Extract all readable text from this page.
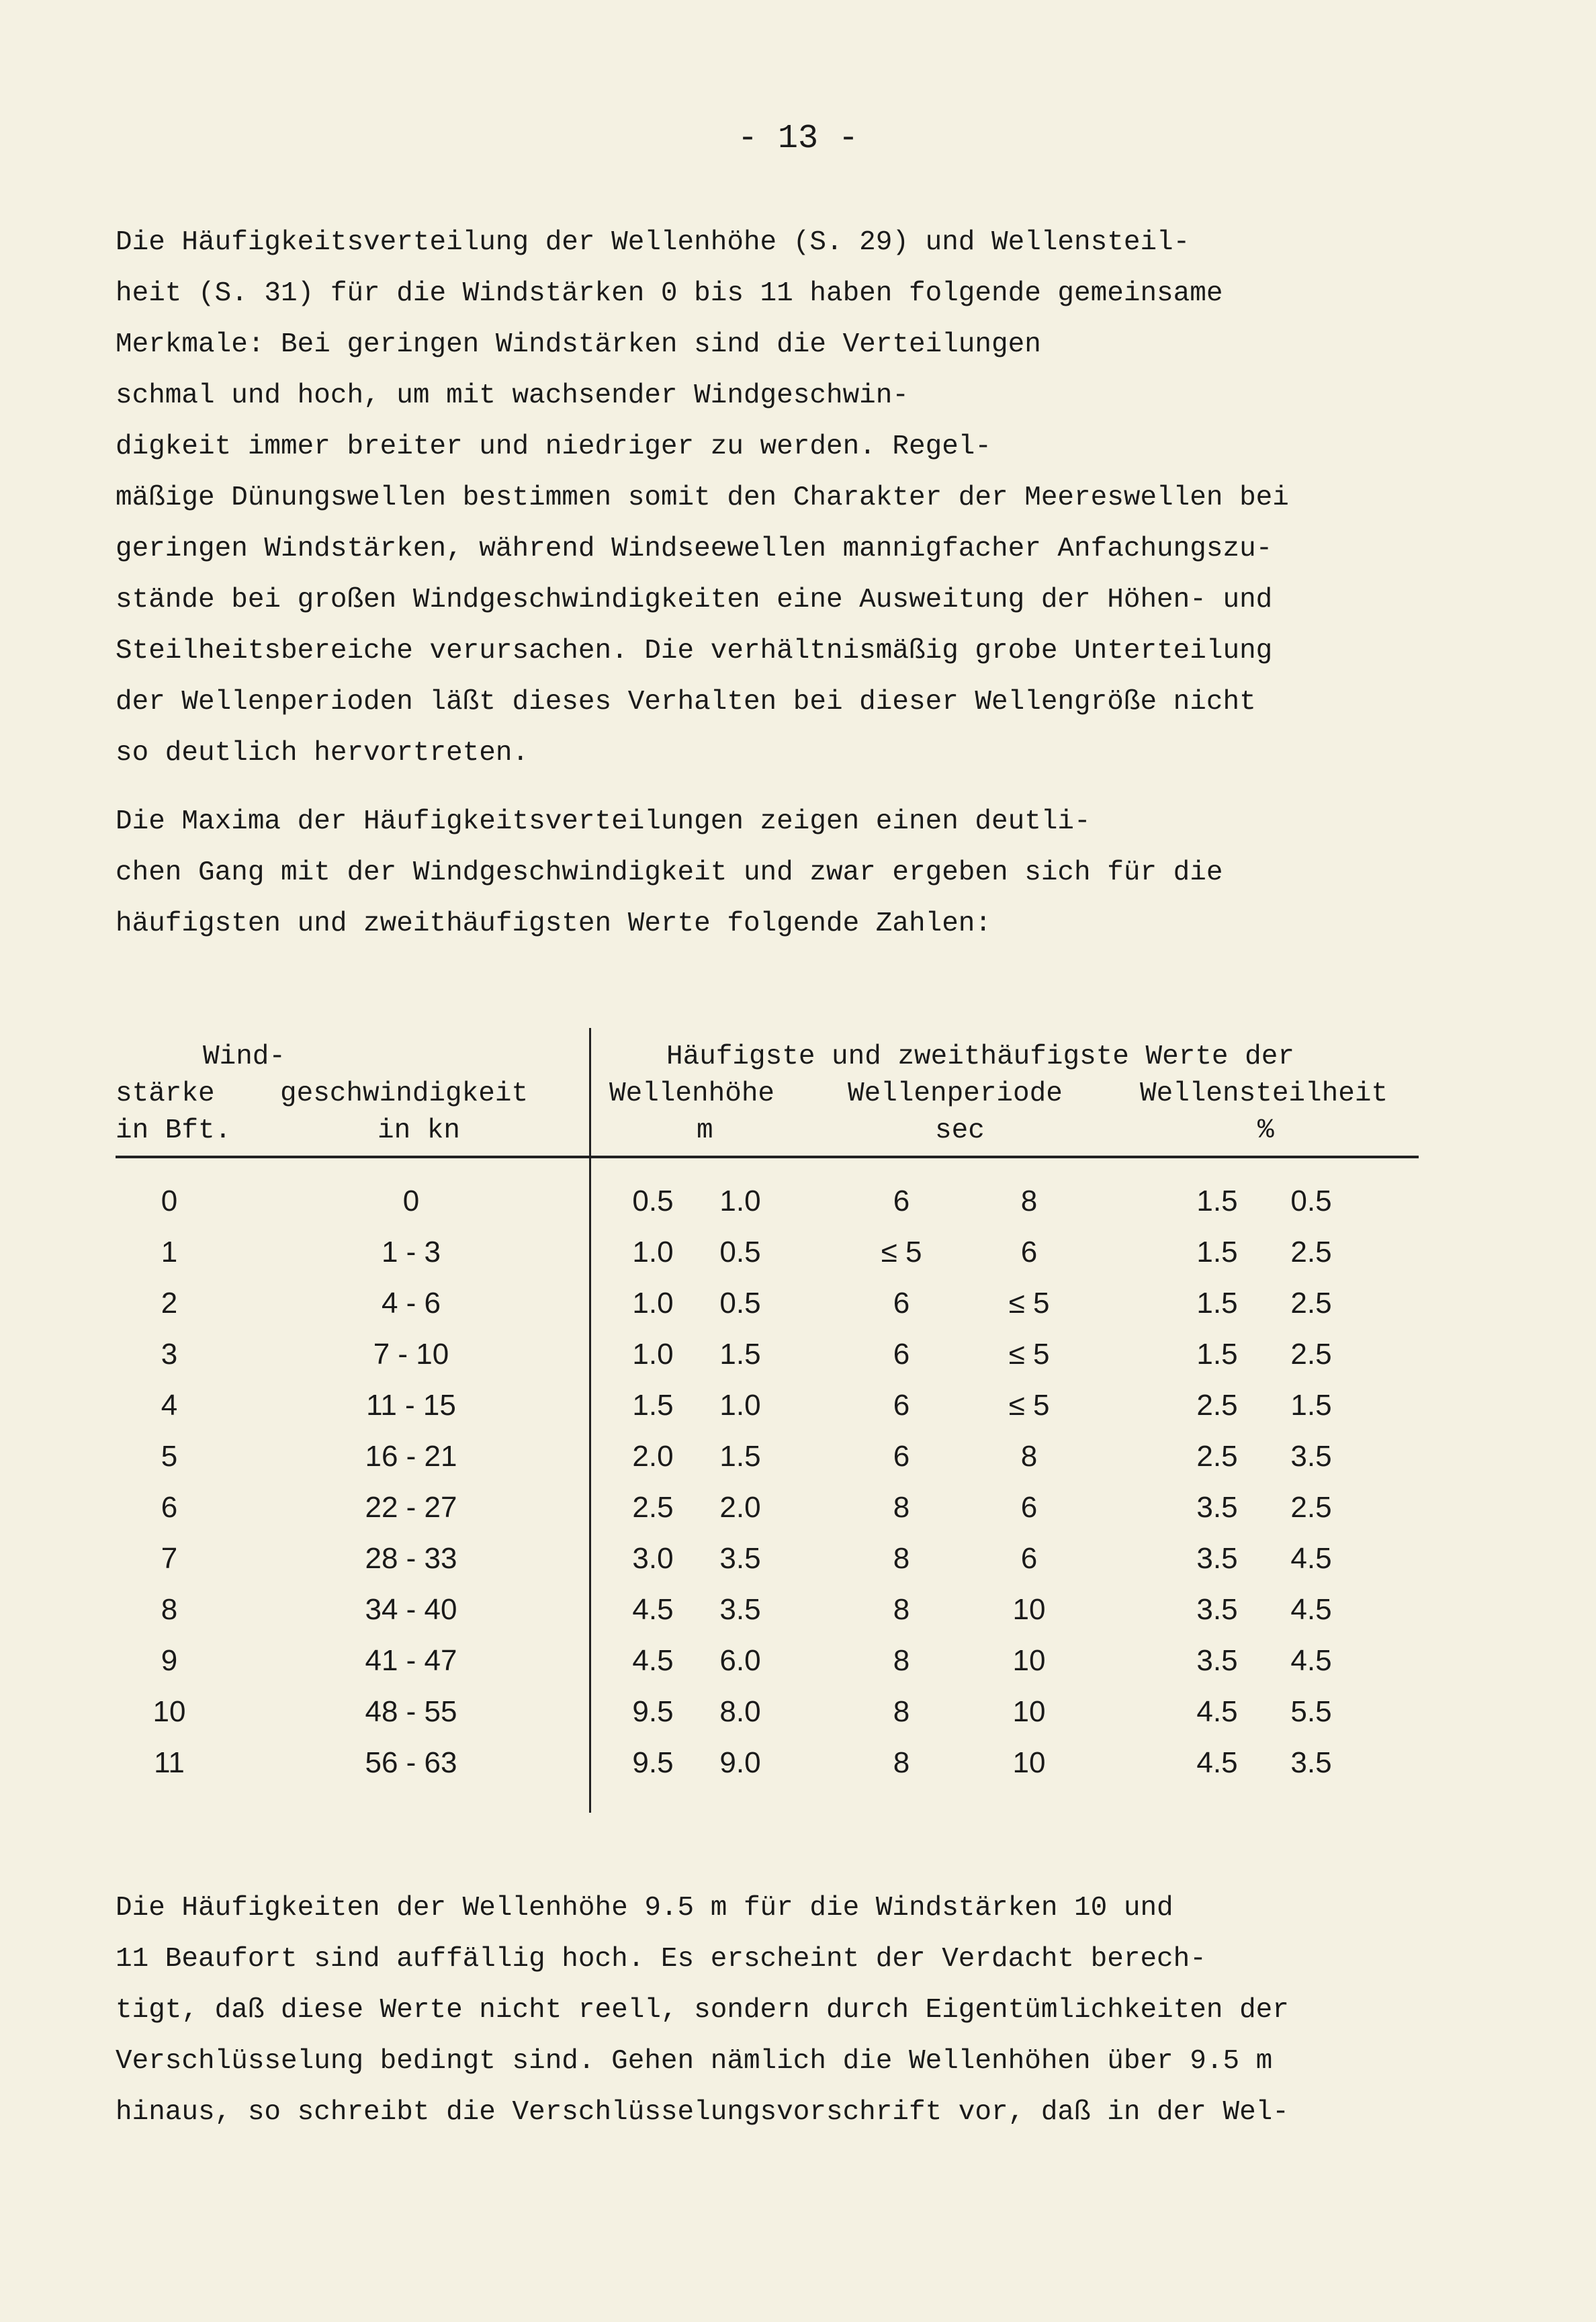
- 13 -
Die Häufigkeitsverteilung der Wellenhöhe (S. 29) und Wellensteil-
heit (S. 31) für die Windstärken 0 bis 11 haben folgende gemeinsame
Merkmale: Bei geringen Windstärken sind die Verteilungen
schmal und hoch, um mit wachsender Windgeschwin-
digkeit immer breiter und niedriger zu werden. Regel-
mäßige Dünungswellen bestimmen somit den Charakter der Meereswellen bei
geringen Windstärken, während Windseewellen mannigfacher Anfachungszu-
stände bei großen Windgeschwindigkeiten eine Ausweitung der Höhen- und
Steilheitsbereiche verursachen. Die verhältnismäßig grobe Unterteilung
der Wellenperioden läßt dieses Verhalten bei dieser Wellengröße nicht
so deutlich hervortreten.
Die Maxima der Häufigkeitsverteilungen zeigen einen deutli-
chen Gang mit der Windgeschwindigkeit und zwar ergeben sich für die
häufigsten und zweithäufigsten Werte folgende Zahlen:
Wind-
stärke
in Bft.
geschwindigkeit
in kn
Häufigste und zweithäufigste Werte der
Wellenhöhe
m
Wellenperiode
sec
Wellensteilheit
%
0	0	0.5	1.0	6	8	1.5	0.5
1	1 - 3	1.0	0.5	≤ 5	6	1.5	2.5
2	4 - 6	1.0	0.5	6	≤ 5	1.5	2.5
3	7 - 10	1.0	1.5	6	≤ 5	1.5	2.5
4	11 - 15	1.5	1.0	6	≤ 5	2.5	1.5
5	16 - 21	2.0	1.5	6	8	2.5	3.5
6	22 - 27	2.5	2.0	8	6	3.5	2.5
7	28 - 33	3.0	3.5	8	6	3.5	4.5
8	34 - 40	4.5	3.5	8	10	3.5	4.5
9	41 - 47	4.5	6.0	8	10	3.5	4.5
10	48 - 55	9.5	8.0	8	10	4.5	5.5
11	56 - 63	9.5	9.0	8	10	4.5	3.5
Die Häufigkeiten der Wellenhöhe 9.5 m für die Windstärken 10 und
11 Beaufort sind auffällig hoch. Es erscheint der Verdacht berech-
tigt, daß diese Werte nicht reell, sondern durch Eigentümlichkeiten der
Verschlüsselung bedingt sind. Gehen nämlich die Wellenhöhen über 9.5 m
hinaus, so schreibt die Verschlüsselungsvorschrift vor, daß in der Wel-
